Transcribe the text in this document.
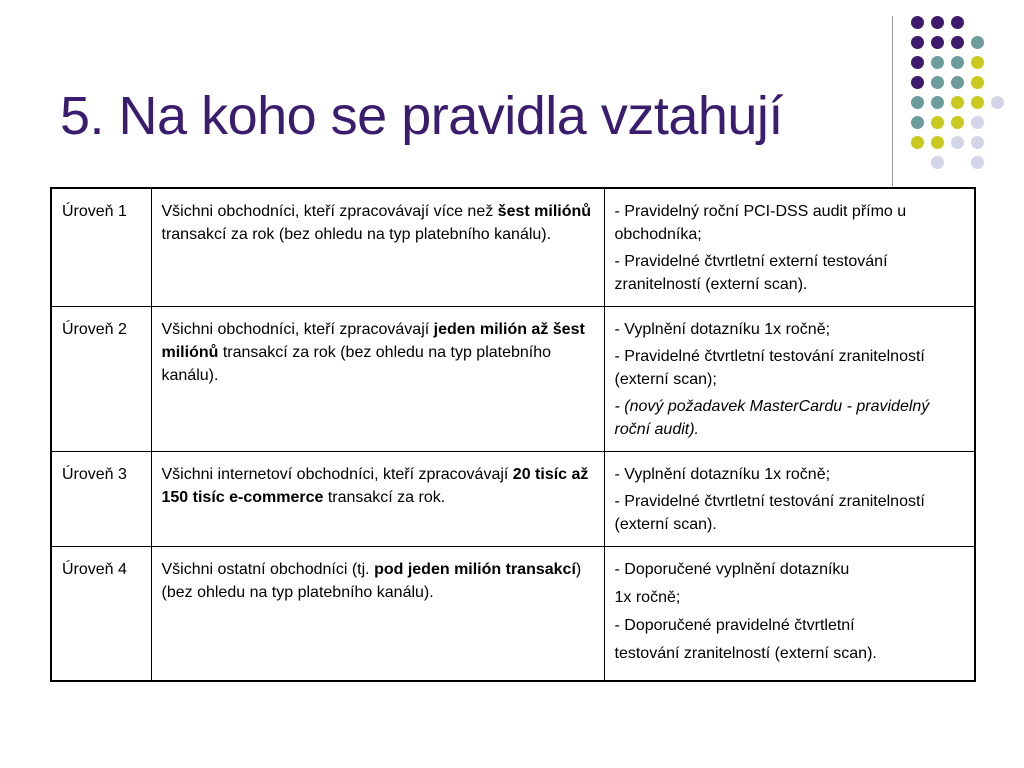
5. Na koho se pravidla vztahují
Úroveň 1	Všichni obchodníci, kteří zpracovávají více než šest miliónů transakcí za rok (bez ohledu na typ platebního kanálu).	- Pravidelný roční PCI-DSS audit přímo u obchodníka;
- Pravidelné čtvrtletní externí testování zranitelností (externí scan).

Úroveň 2	Všichni obchodníci, kteří zpracovávají jeden milión až šest miliónů transakcí za rok (bez ohledu na typ platebního kanálu).	- Vyplnění dotazníku 1x ročně;
- Pravidelné čtvrtletní testování zranitelností (externí scan);
- (nový požadavek MasterCardu - pravidelný roční audit).

Úroveň 3	Všichni internetoví obchodníci, kteří zpracovávají 20 tisíc až 150 tisíc e-commerce transakcí za rok.	- Vyplnění dotazníku 1x ročně;
- Pravidelné čtvrtletní testování zranitelností (externí scan).

Úroveň 4	Všichni ostatní obchodníci (tj. pod jeden milión transakcí) (bez ohledu na typ platebního kanálu).	- Doporučené vyplnění dotazníku
1x ročně;
- Doporučené pravidelné čtvrtletní
testování zranitelností (externí scan).
